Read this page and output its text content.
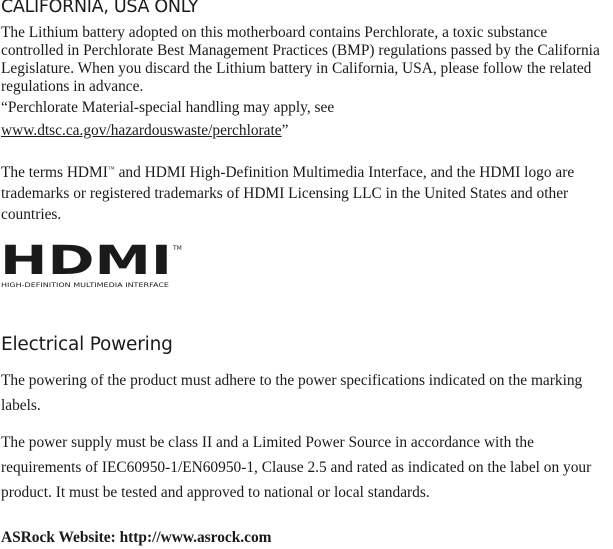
CALIFORNIA, USA ONLY

The Lithium battery adopted on this motherboard contains Perchlorate, a toxic substance controlled in Perchlorate Best Management Practices (BMP) regulations passed by the California Legislature. When you discard the Lithium battery in California, USA, please follow the related regulations in advance.

“Perchlorate Material-special handling may apply, see www.dtsc.ca.gov/hazardouswaste/perchlorate”

The terms HDMI™ and HDMI High-Definition Multimedia Interface, and the HDMI logo are trademarks or registered trademarks of HDMI Licensing LLC in the United States and other countries.

HDMI TM
HIGH-DEFINITION MULTIMEDIA INTERFACE
Electrical Powering

The powering of the product must adhere to the power specifications indicated on the marking labels.

The power supply must be class II and a Limited Power Source in accordance with the requirements of IEC60950-1/EN60950-1, Clause 2.5 and rated as indicated on the label on your product. It must be tested and approved to national or local standards.

ASRock Website: http://www.asrock.com
